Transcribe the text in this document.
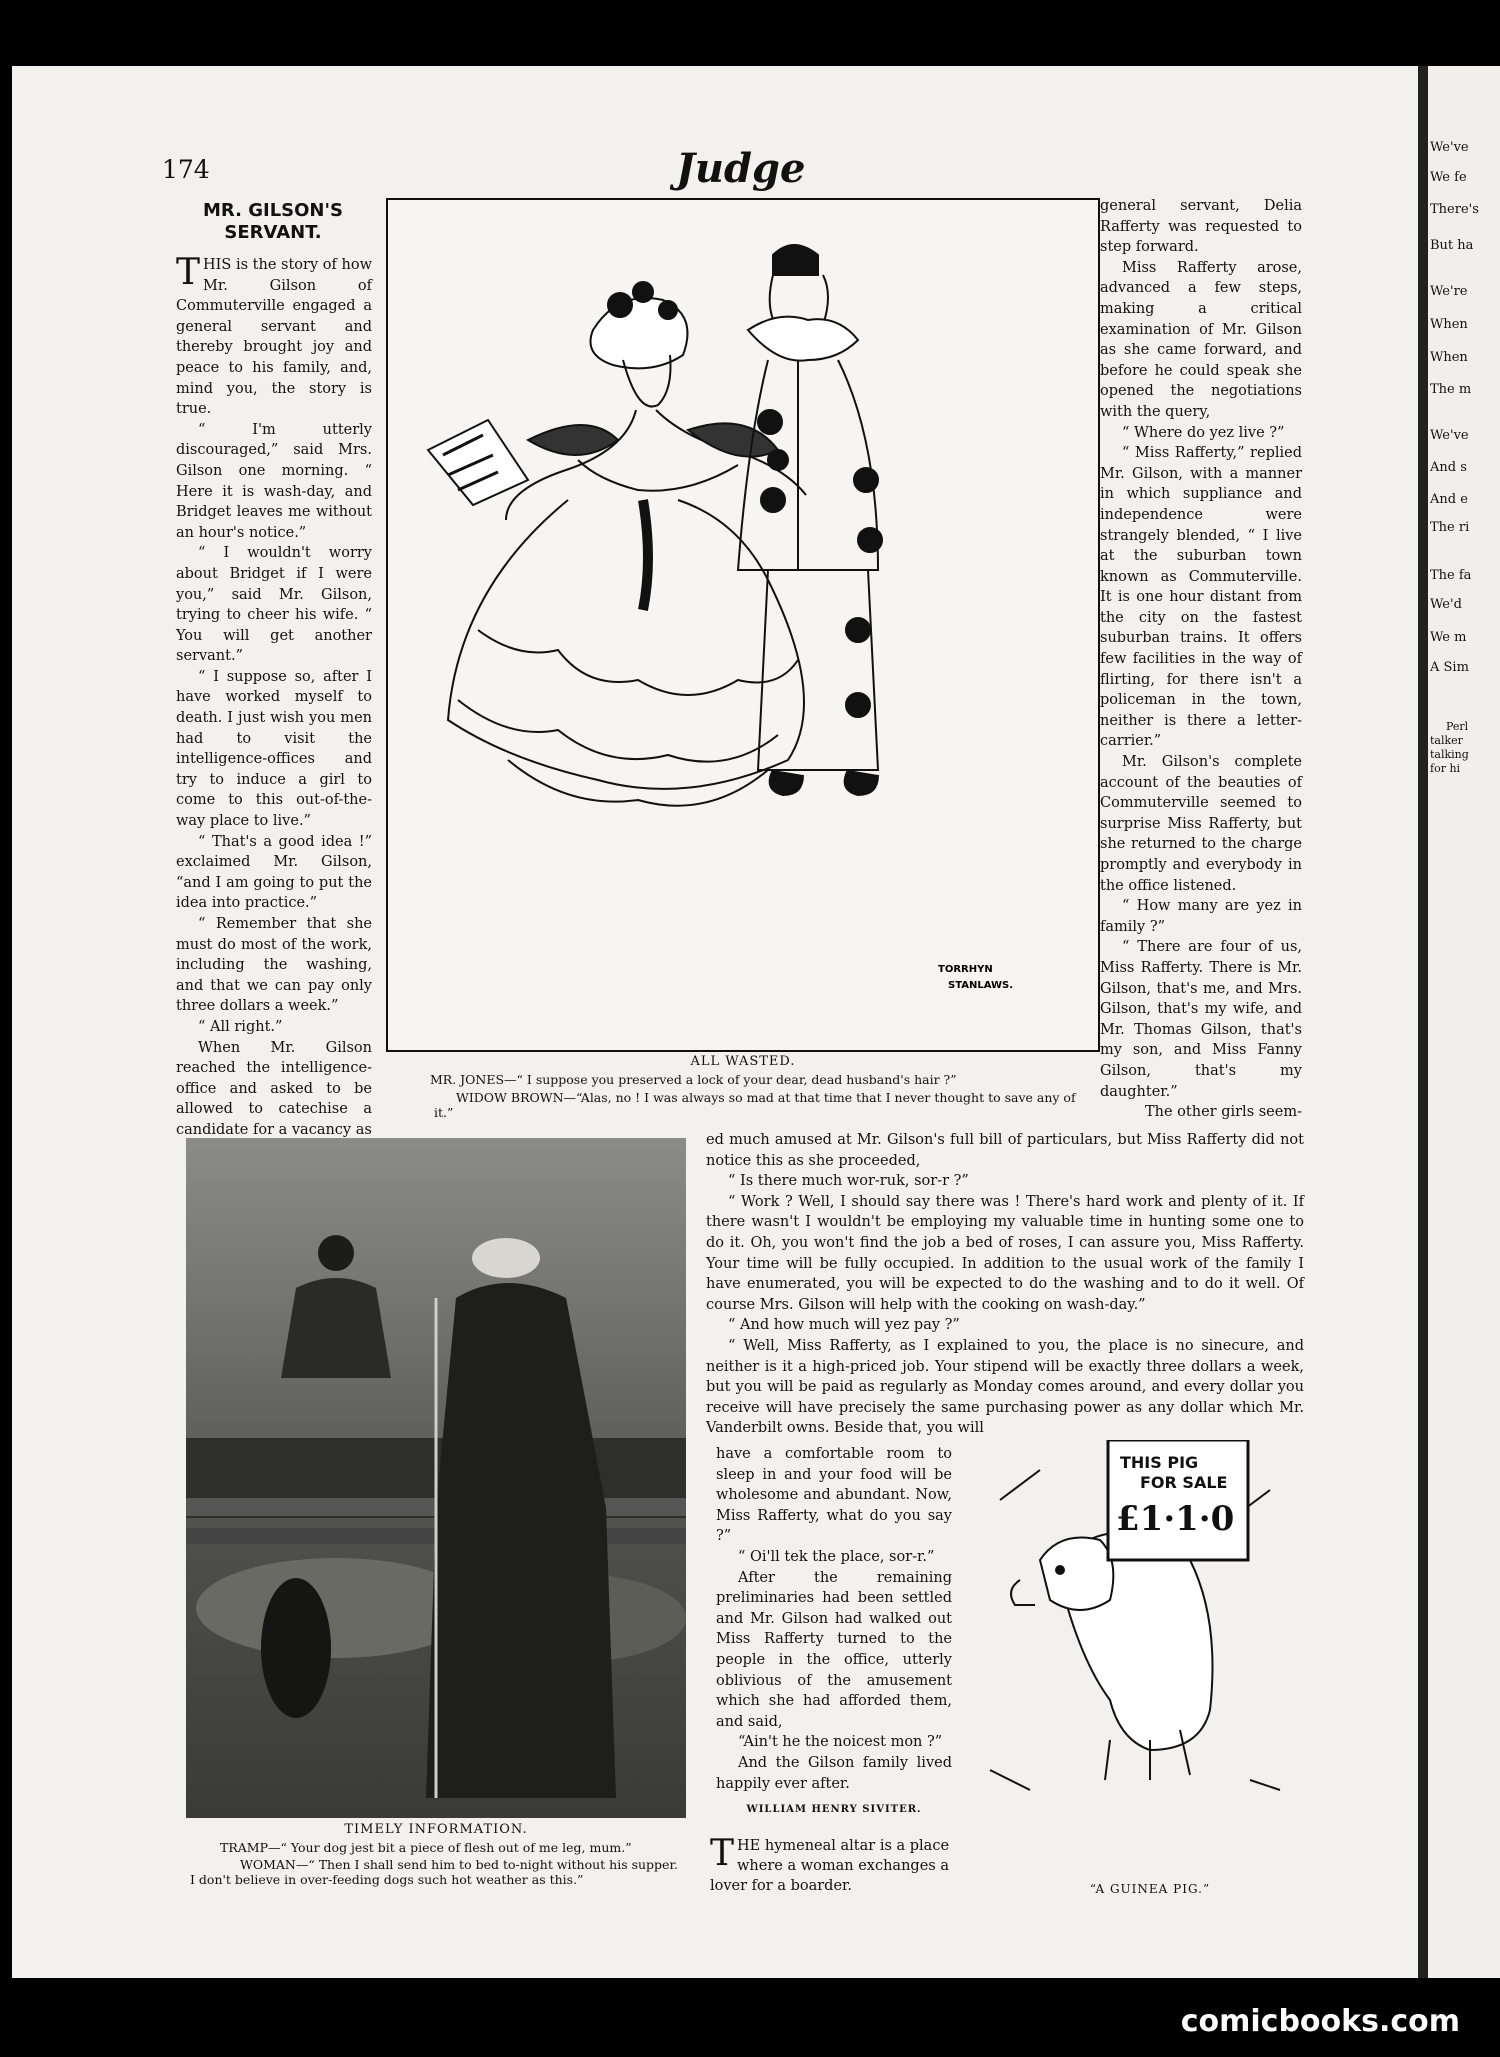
We've
We fe
There's
But ha
We're
When
When
The m
We've
And s
And e
The ri
The fa
We'd
We m
A Sim
Perl
talker
talking
for hi
174	Judge
MR. GILSON'S SERVANT.

THIS is the story of how Mr. Gilson of Commuterville engaged a general servant and thereby brought joy and peace to his family, and, mind you, the story is true.

“ I'm utterly discouraged,” said Mrs. Gilson one morning. “ Here it is wash-day, and Bridget leaves me without an hour's notice.”

“ I wouldn't worry about Bridget if I were you,” said Mr. Gilson, trying to cheer his wife. “ You will get another servant.”

“ I suppose so, after I have worked myself to death. I just wish you men had to visit the intelligence-offices and try to induce a girl to come to this out-of-the-way place to live.”

“ That's a good idea !” exclaimed Mr. Gilson, “and I am going to put the idea into practice.”

“ Remember that she must do most of the work, including the washing, and that we can pay only three dollars a week.”

“ All right.”

When Mr. Gilson reached the intelligence-office and asked to be allowed to catechise a candidate for a vacancy as

TORRHYN
STANLAWS.
ALL WASTED.
MR. JONES—“ I suppose you preserved a lock of your dear, dead husband's hair ?”
WIDOW BROWN—“Alas, no ! I was always so mad at that time that I never thought to save any of it.”

general servant, Delia Rafferty was requested to step forward.

Miss Rafferty arose, advanced a few steps, making a critical examination of Mr. Gilson as she came forward, and before he could speak she opened the negotiations with the query,

“ Where do yez live ?”

“ Miss Rafferty,” replied Mr. Gilson, with a manner in which suppliance and independence were strangely blended, “ I live at the suburban town known as Commuterville. It is one hour distant from the city on the fastest suburban trains. It offers few facilities in the way of flirting, for there isn't a policeman in the town, neither is there a letter-carrier.”

Mr. Gilson's complete account of the beauties of Commuterville seemed to surprise Miss Rafferty, but she returned to the charge promptly and everybody in the office listened.

“ How many are yez in family ?”

“ There are four of us, Miss Rafferty. There is Mr. Gilson, that's me, and Mrs. Gilson, that's my wife, and Mr. Thomas Gilson, that's my son, and Miss Fanny Gilson, that's my daughter.”

The other girls seem-

ed much amused at Mr. Gilson's full bill of particulars, but Miss Rafferty did not notice this as she proceeded,

“ Is there much wor-ruk, sor-r ?”

“ Work ? Well, I should say there was ! There's hard work and plenty of it. If there wasn't I wouldn't be employing my valuable time in hunting some one to do it. Oh, you won't find the job a bed of roses, I can assure you, Miss Rafferty. Your time will be fully occupied. In addition to the usual work of the family I have enumerated, you will be expected to do the washing and to do it well. Of course Mrs. Gilson will help with the cooking on wash-day.”

“ And how much will yez pay ?”

“ Well, Miss Rafferty, as I explained to you, the place is no sinecure, and neither is it a high-priced job. Your stipend will be exactly three dollars a week, but you will be paid as regularly as Monday comes around, and every dollar you receive will have precisely the same purchasing power as any dollar which Mr. Vanderbilt owns. Beside that, you will

have a comfortable room to sleep in and your food will be wholesome and abundant. Now, Miss Rafferty, what do you say ?”

“ Oi'll tek the place, sor-r.”

After the remaining preliminaries had been settled and Mr. Gilson had walked out Miss Rafferty turned to the people in the office, utterly oblivious of the amusement which she had afforded them, and said,

“Ain't he the noicest mon ?”

And the Gilson family lived happily ever after.

WILLIAM HENRY SIVITER.
TIMELY INFORMATION.
TRAMP—“ Your dog jest bit a piece of flesh out of me leg, mum.”
WOMAN—“ Then I shall send him to bed to-night without his supper. I don't believe in over-feeding dogs such hot weather as this.”
THE hymeneal altar is a place where a woman exchanges a lover for a boarder.
THIS PIG
FOR SALE
£1·1·0
“A GUINEA PIG.”
comicbooks.com
